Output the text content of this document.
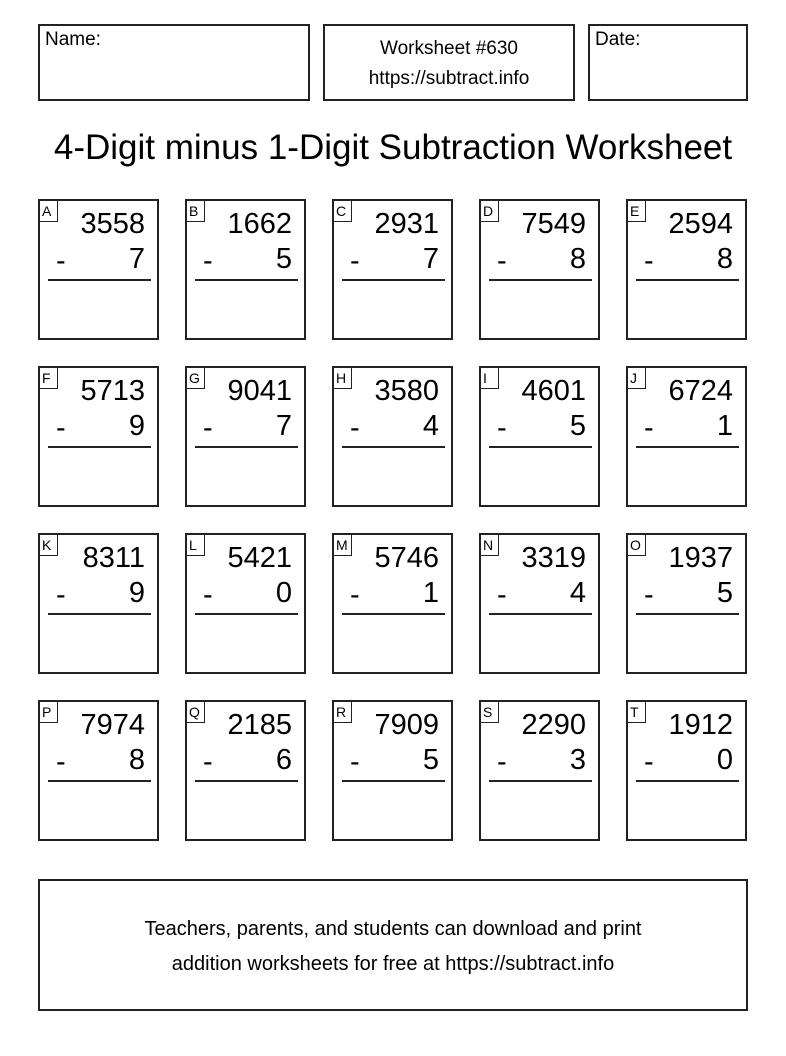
Name:	Worksheet #630
https://subtract.info
Date:
4-Digit minus 1-Digit Subtraction Worksheet
A 3558
- 7
B 1662
- 5
C 2931
- 7
D 7549
- 8
E 2594
- 8
F 5713
- 9
G 9041
- 7
H 3580
- 4
I	4601
- 5
J	6724
- 1
K 8311
- 9
L 5421
- 0
M 5746
- 1
N 3319
- 4
O 1937
- 5
P 7974
- 8
Q 2185
- 6
R 7909
- 5
S 2290
- 3
T 1912
- 0
Teachers, parents, and students can download and print
addition worksheets for free at https://subtract.info
